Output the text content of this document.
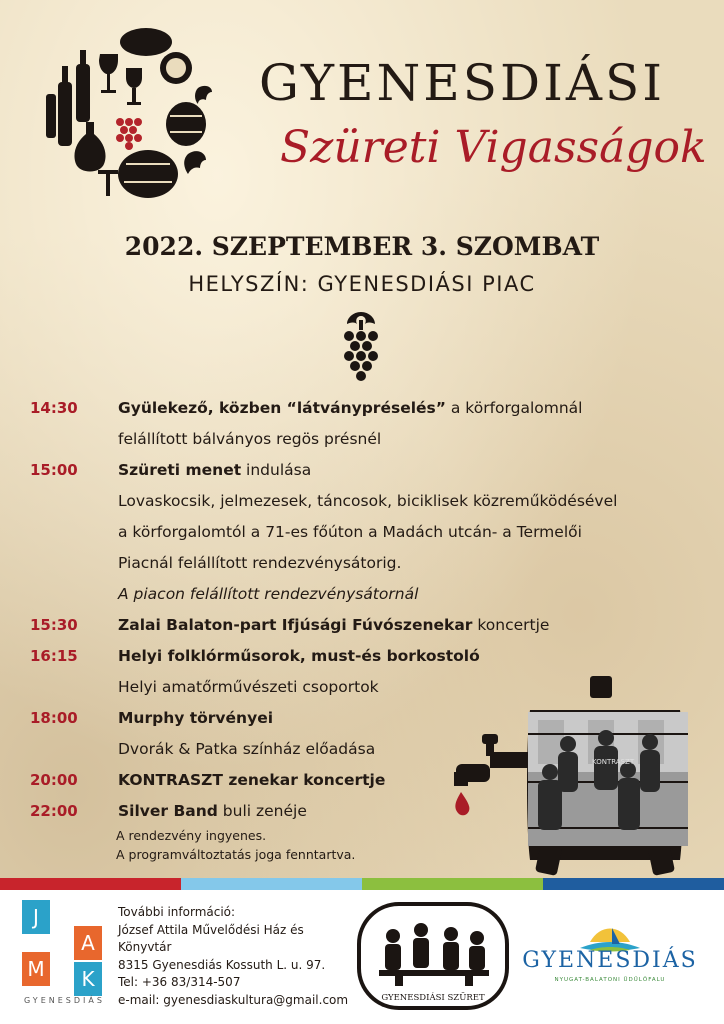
GYENESDIÁSI
Szüreti Vigasságok
2022. SZEPTEMBER 3. SZOMBAT
HELYSZÍN: GYENESDIÁSI PIAC
14:30	Gyülekező, közben “látványpréselés” a körforgalomnál
felállított bálványos regös présnél
15:00	Szüreti menet indulása
Lovaskocsik, jelmezesek, táncosok, biciklisek közreműködésével
a körforgalomtól a 71-es főúton a Madách utcán- a Termelői
Piacnál felállított rendezvénysátorig.
A piacon felállított rendezvénysátornál
15:30	Zalai Balaton-part Ifjúsági Fúvószenekar koncertje
16:15	Helyi folklórműsorok, must-és borkostoló
Helyi amatőrművészeti csoportok
18:00	Murphy törvényei
Dvorák & Patka színház előadása
20:00	KONTRASZT zenekar koncertje
22:00	Silver Band buli zenéje
A rendezvény ingyenes.
A programváltoztatás joga fenntartva.
KONTRASZT
J
A
M	K
GYENESDIÁS
További információ:
József Attila Művelődési Ház és
Könyvtár
8315 Gyenesdiás Kossuth L. u. 97.
Tel: +36 83/314-507
e-mail: gyenesdiaskultura@gmail.com	GYENESDIÁSI SZÜRET
GYENESDIÁS
NYUGAT-BALATONI ÜDÜLŐFALU
